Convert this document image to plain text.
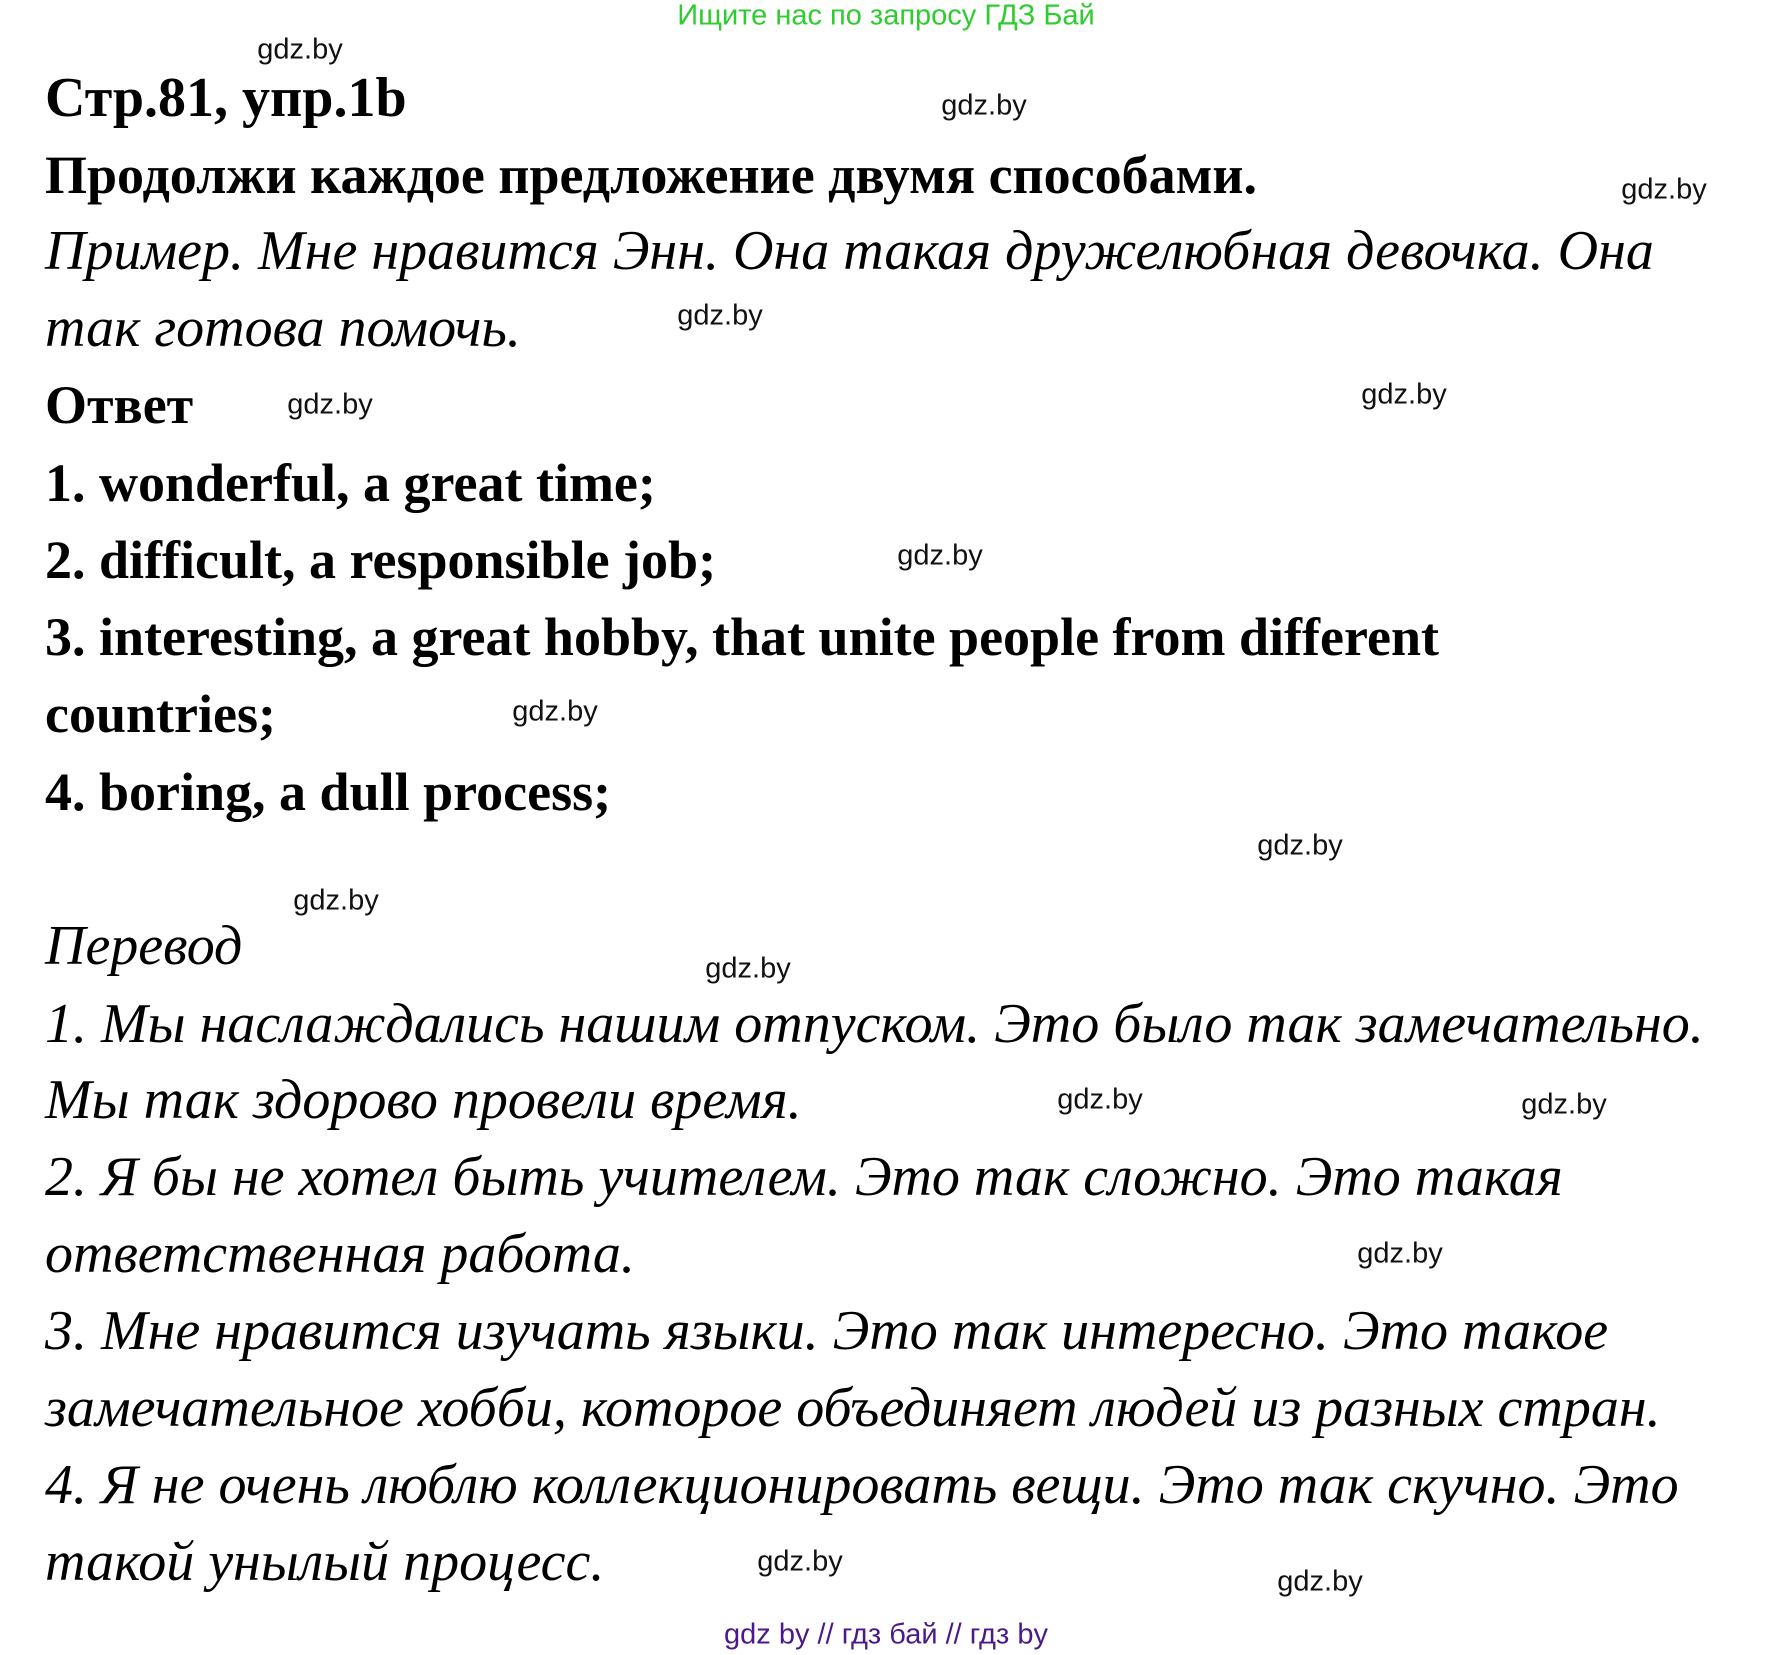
Ищите нас по запросу ГДЗ Бай
Стр.81, упр.1b
Продолжи каждое предложение двумя способами.
Пример. Мне нравится Энн. Она такая дружелюбная девочка. Она
так готова помочь.
Ответ
1. wonderful, a great time;
2. difficult, a responsible job;
3. interesting, a great hobby, that unite people from different
countries;
4. boring, a dull process;
Перевод
1. Мы наслаждались нашим отпуском. Это было так замечательно.
Мы так здорово провели время.
2. Я бы не хотел быть учителем. Это так сложно. Это такая
ответственная работа.
3. Мне нравится изучать языки. Это так интересно. Это такое
замечательное хобби, которое объединяет людей из разных стран.
4. Я не очень люблю коллекционировать вещи. Это так скучно. Это
такой унылый процесс.
gdz.by
gdz.by
gdz.by
gdz.by
gdz.by
gdz.by
gdz.by
gdz.by
gdz.by
gdz.by
gdz.by
gdz.by
gdz.by
gdz.by
gdz.by
gdz.by
gdz by // гдз бай // гдз by
